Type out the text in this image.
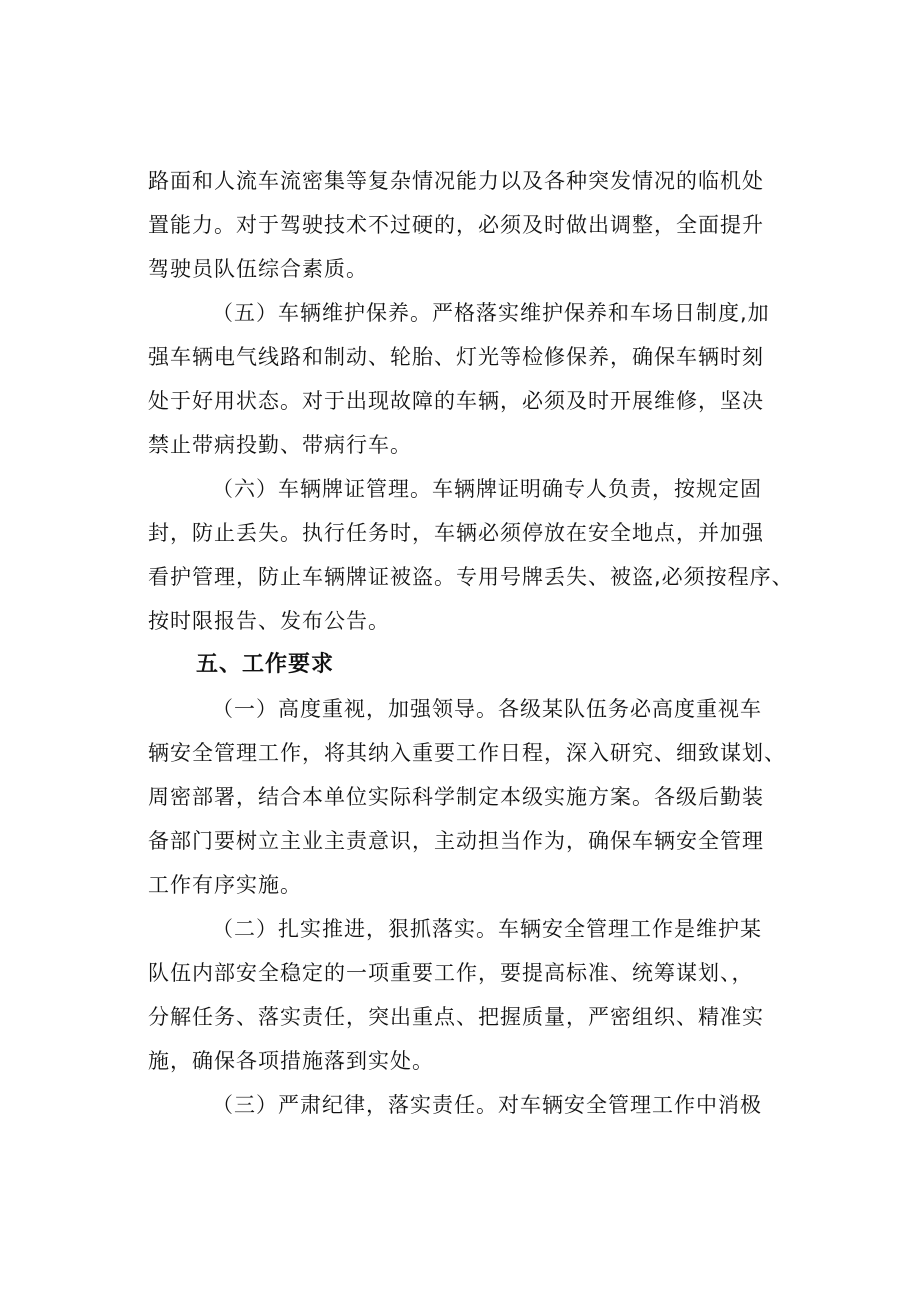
路面和人流车流密集等复杂情况能力以及各种突发情况的临机处
置能力。对于驾驶技术不过硬的，必须及时做出调整，全面提升
驾驶员队伍综合素质。
（五）车辆维护保养。严格落实维护保养和车场日制度,加
强车辆电气线路和制动、轮胎、灯光等检修保养，确保车辆时刻
处于好用状态。对于出现故障的车辆，必须及时开展维修，坚决
禁止带病投勤、带病行车。
（六）车辆牌证管理。车辆牌证明确专人负责，按规定固
封，防止丢失。执行任务时，车辆必须停放在安全地点，并加强
看护管理，防止车辆牌证被盗。专用号牌丢失、被盗,必须按程序、
按时限报告、发布公告。
五、工作要求
（一）高度重视，加强领导。各级某队伍务必高度重视车
辆安全管理工作，将其纳入重要工作日程，深入研究、细致谋划、
周密部署，结合本单位实际科学制定本级实施方案。各级后勤装
备部门要树立主业主责意识，主动担当作为，确保车辆安全管理
工作有序实施。
（二）扎实推进，狠抓落实。车辆安全管理工作是维护某
队伍内部安全稳定的一项重要工作，要提高标准、统筹谋划、，
分解任务、落实责任，突出重点、把握质量，严密组织、精准实
施，确保各项措施落到实处。
（三）严肃纪律，落实责任。对车辆安全管理工作中消极
